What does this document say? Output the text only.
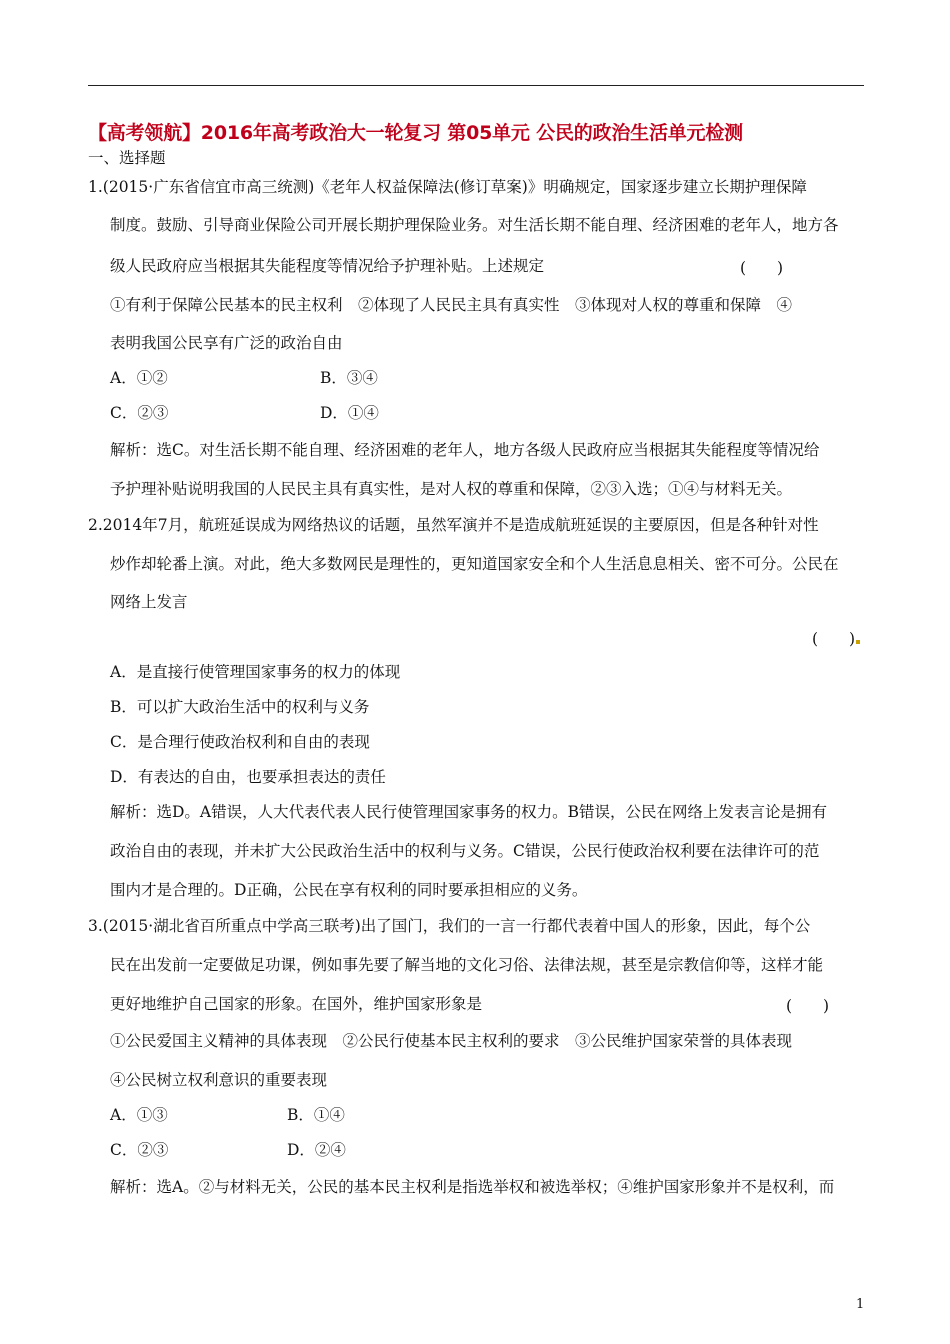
【高考领航】2016年高考政治大一轮复习 第05单元 公民的政治生活单元检测
一、选择题
1.(2015·广东省信宜市高三统测)《老年人权益保障法(修订草案)》明确规定，国家逐步建立长期护理保障
制度。鼓励、引导商业保险公司开展长期护理保险业务。对生活长期不能自理、经济困难的老年人，地方各
级人民政府应当根据其失能程度等情况给予护理补贴。上述规定	(　　)
①有利于保障公民基本的民主权利　②体现了人民民主具有真实性　③体现对人权的尊重和保障　④
表明我国公民享有广泛的政治自由
A．①②	B．③④
C．②③	D．①④
解析：选C。对生活长期不能自理、经济困难的老年人，地方各级人民政府应当根据其失能程度等情况给
予护理补贴说明我国的人民民主具有真实性，是对人权的尊重和保障，②③入选；①④与材料无关。
2.2014年7月，航班延误成为网络热议的话题，虽然军演并不是造成航班延误的主要原因，但是各种针对性
炒作却轮番上演。对此，绝大多数网民是理性的，更知道国家安全和个人生活息息相关、密不可分。公民在
网络上发言
(　　)
A．是直接行使管理国家事务的权力的体现
B．可以扩大政治生活中的权利与义务
C．是合理行使政治权利和自由的表现
D．有表达的自由，也要承担表达的责任
解析：选D。A错误，人大代表代表人民行使管理国家事务的权力。B错误，公民在网络上发表言论是拥有
政治自由的表现，并未扩大公民政治生活中的权利与义务。C错误，公民行使政治权利要在法律许可的范
围内才是合理的。D正确，公民在享有权利的同时要承担相应的义务。
3.(2015·湖北省百所重点中学高三联考)出了国门，我们的一言一行都代表着中国人的形象，因此，每个公
民在出发前一定要做足功课，例如事先要了解当地的文化习俗、法律法规，甚至是宗教信仰等，这样才能
更好地维护自己国家的形象。在国外，维护国家形象是	(　　)
①公民爱国主义精神的具体表现　②公民行使基本民主权利的要求　③公民维护国家荣誉的具体表现
④公民树立权利意识的重要表现
A．①③	B．①④
C．②③	D．②④
解析：选A。②与材料无关，公民的基本民主权利是指选举权和被选举权；④维护国家形象并不是权利，而
1
